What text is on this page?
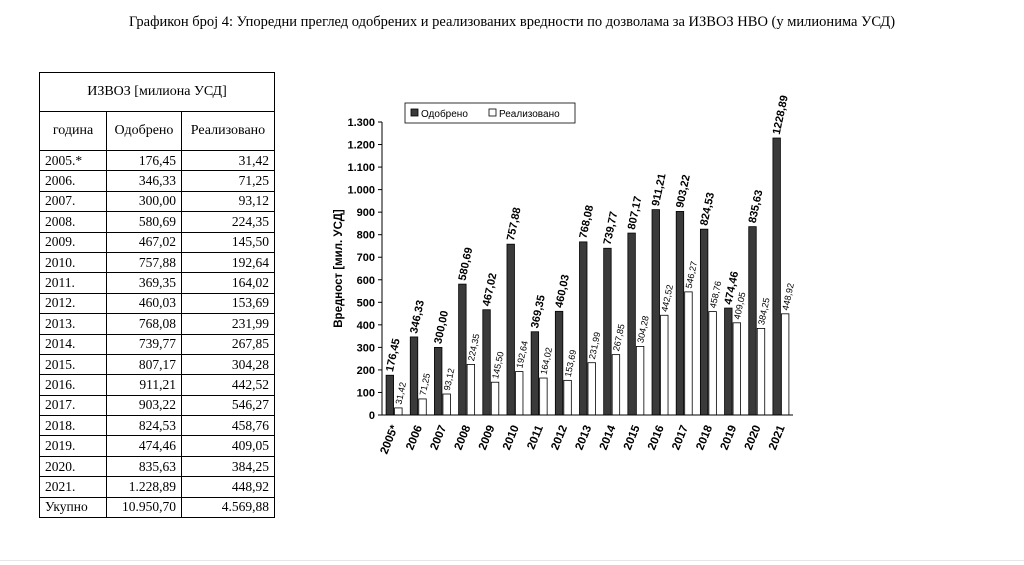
Графикон број 4: Упоредни преглед одобрених и реализованих вредности по дозволама за ИЗВОЗ НВО (у милионима УСД)
ИЗВОЗ [милиона УСД]		
година	Одобрено	Реализовано
2005.*	176,45	31,42
2006.	346,33	71,25
2007.	300,00	93,12
2008.	580,69	224,35
2009.	467,02	145,50
2010.	757,88	192,64
2011.	369,35	164,02
2012.	460,03	153,69
2013.	768,08	231,99
2014.	739,77	267,85
2015.	807,17	304,28
2016.	911,21	442,52
2017.	903,22	546,27
2018.	824,53	458,76
2019.	474,46	409,05
2020.	835,63	384,25
2021.	1.228,89	448,92
Укупно	10.950,70	4.569,88
0
100
200
300
400
500
600
700
800
900
1.000
1.100
1.200
1.300
Вредност [мил. УСД]
176,45
31,42
2005*
346,33
71,25
2006
300,00
93,12
2007
580,69
224,35
2008
467,02
145,50
2009
757,88
192,64
2010
369,35
164,02
2011
460,03
153,69
2012
768,08
231,99
2013
739,77
267,85
2014
807,17
304,28
2015
911,21
442,52
2016
903,22
546,27
2017
824,53
458,76
2018
474,46
409,05
2019
835,63
384,25
2020
1228,89
448,92
2021
Одобрено	Реализовано
